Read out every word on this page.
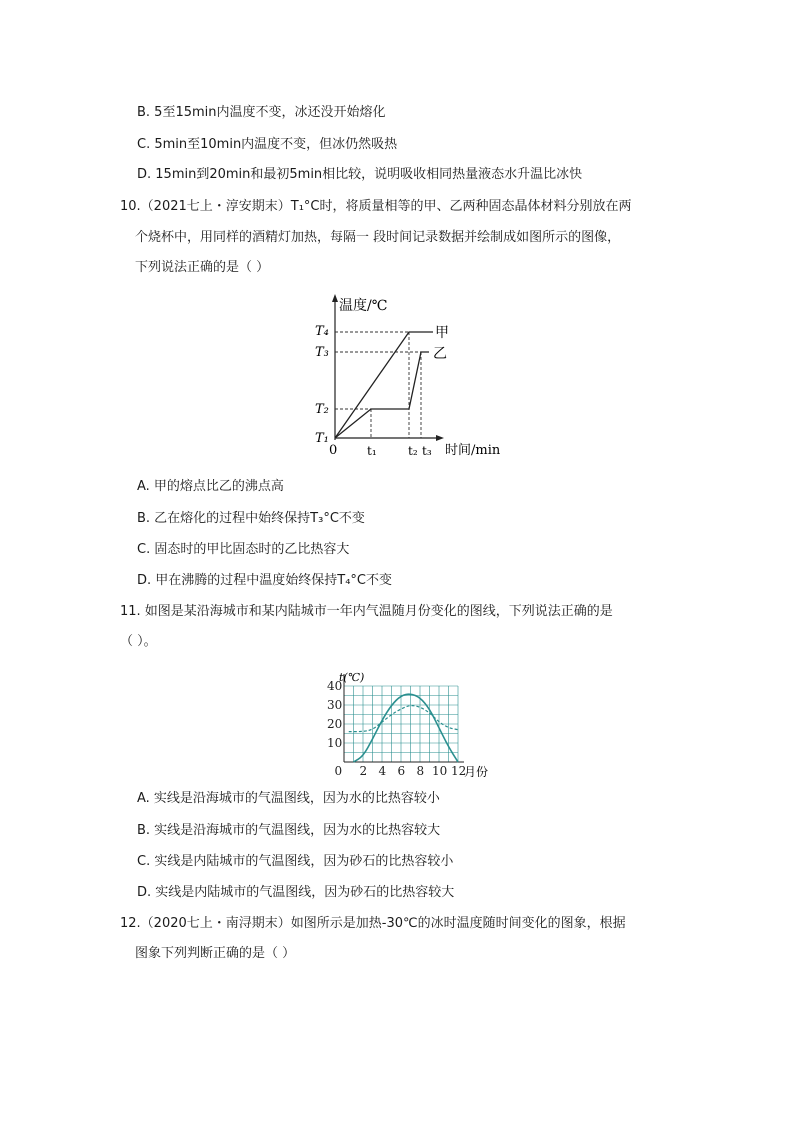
B. 5至15min内温度不变，冰还没开始熔化
C. 5min至10min内温度不变，但冰仍然吸热
D. 15min到20min和最初5min相比较，说明吸收相同热量液态水升温比冰快
10.（2021七上・淳安期末）T₁°C时，将质量相等的甲、乙两种固态晶体材料分别放在两
个烧杯中，用同样的酒精灯加热，每隔一 段时间记录数据并绘制成如图所示的图像，
下列说法正确的是（ ）
温度/℃
时间/min
0
T₁
T₂
T₃
T₄
t₁	t₂ t₃
甲
乙
A. 甲的熔点比乙的沸点高
B. 乙在熔化的过程中始终保持T₃°C不变
C. 固态时的甲比固态时的乙比热容大
D. 甲在沸腾的过程中温度始终保持T₄°C不变
11. 如图是某沿海城市和某内陆城市一年内气温随月份变化的图线，下列说法正确的是
（ ）。
0 2 4 6 8 10 12
10
20
30
40
t(℃)
月份
A. 实线是沿海城市的气温图线，因为水的比热容较小
B. 实线是沿海城市的气温图线，因为水的比热容较大
C. 实线是内陆城市的气温图线，因为砂石的比热容较小
D. 实线是内陆城市的气温图线，因为砂石的比热容较大
12.（2020七上・南浔期末）如图所示是加热-30℃的冰时温度随时间变化的图象，根据
图象下列判断正确的是（ ）
